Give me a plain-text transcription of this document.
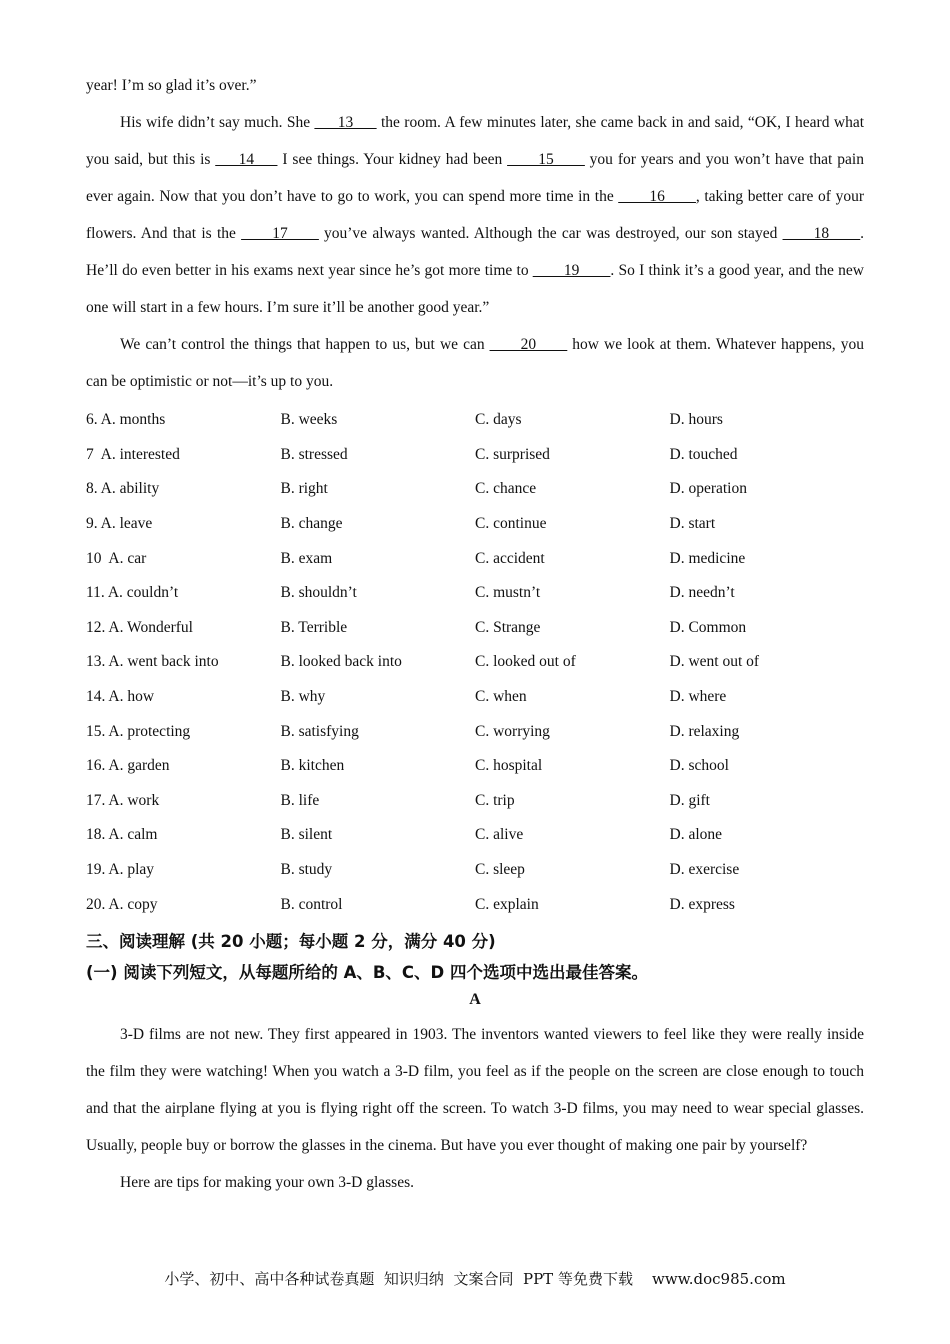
year! I’m so glad it’s over.”

His wife didn’t say much. She ___13___ the room. A few minutes later, she came back in and said, “OK, I heard what you said, but this is ___14___ I see things. Your kidney had been ____15____ you for years and you won’t have that pain ever again. Now that you don’t have to go to work, you can spend more time in the ____16____, taking better care of your flowers. And that is the ____17____ you’ve always wanted. Although the car was destroyed, our son stayed ____18____. He’ll do even better in his exams next year since he’s got more time to ____19____. So I think it’s a good year, and the new one will start in a few hours. I’m sure it’ll be another good year.”

We can’t control the things that happen to us, but we can ____20____ how we look at them. Whatever happens, you can be optimistic or not—it’s up to you.

6. A. months	B. weeks	C. days	D. hours
7  A. interested	B. stressed	C. surprised	D. touched
8. A. ability	B. right	C. chance	D. operation
9. A. leave	B. change	C. continue	D. start
10  A. car	B. exam	C. accident	D. medicine
11. A. couldn’t	B. shouldn’t	C. mustn’t	D. needn’t
12. A. Wonderful	B. Terrible	C. Strange	D. Common
13. A. went back into	B. looked back into	C. looked out of	D. went out of
14. A. how	B. why	C. when	D. where
15. A. protecting	B. satisfying	C. worrying	D. relaxing
16. A. garden	B. kitchen	C. hospital	D. school
17. A. work	B. life	C. trip	D. gift
18. A. calm	B. silent	C. alive	D. alone
19. A. play	B. study	C. sleep	D. exercise
20. A. copy	B. control	C. explain	D. express
三、阅读理解 (共 20 小题；每小题 2 分，满分 40 分)
(一) 阅读下列短文，从每题所给的 A、B、C、D 四个选项中选出最佳答案。
A

3-D films are not new. They first appeared in 1903. The inventors wanted viewers to feel like they were really inside the film they were watching! When you watch a 3-D film, you feel as if the people on the screen are close enough to touch and that the airplane flying at you is flying right off the screen. To watch 3-D films, you may need to wear special glasses. Usually, people buy or borrow the glasses in the cinema. But have you ever thought of making one pair by yourself?

Here are tips for making your own 3-D glasses.

小学、初中、高中各种试卷真题  知识归纳  文案合同  PPT 等免费下载    www.doc985.com
